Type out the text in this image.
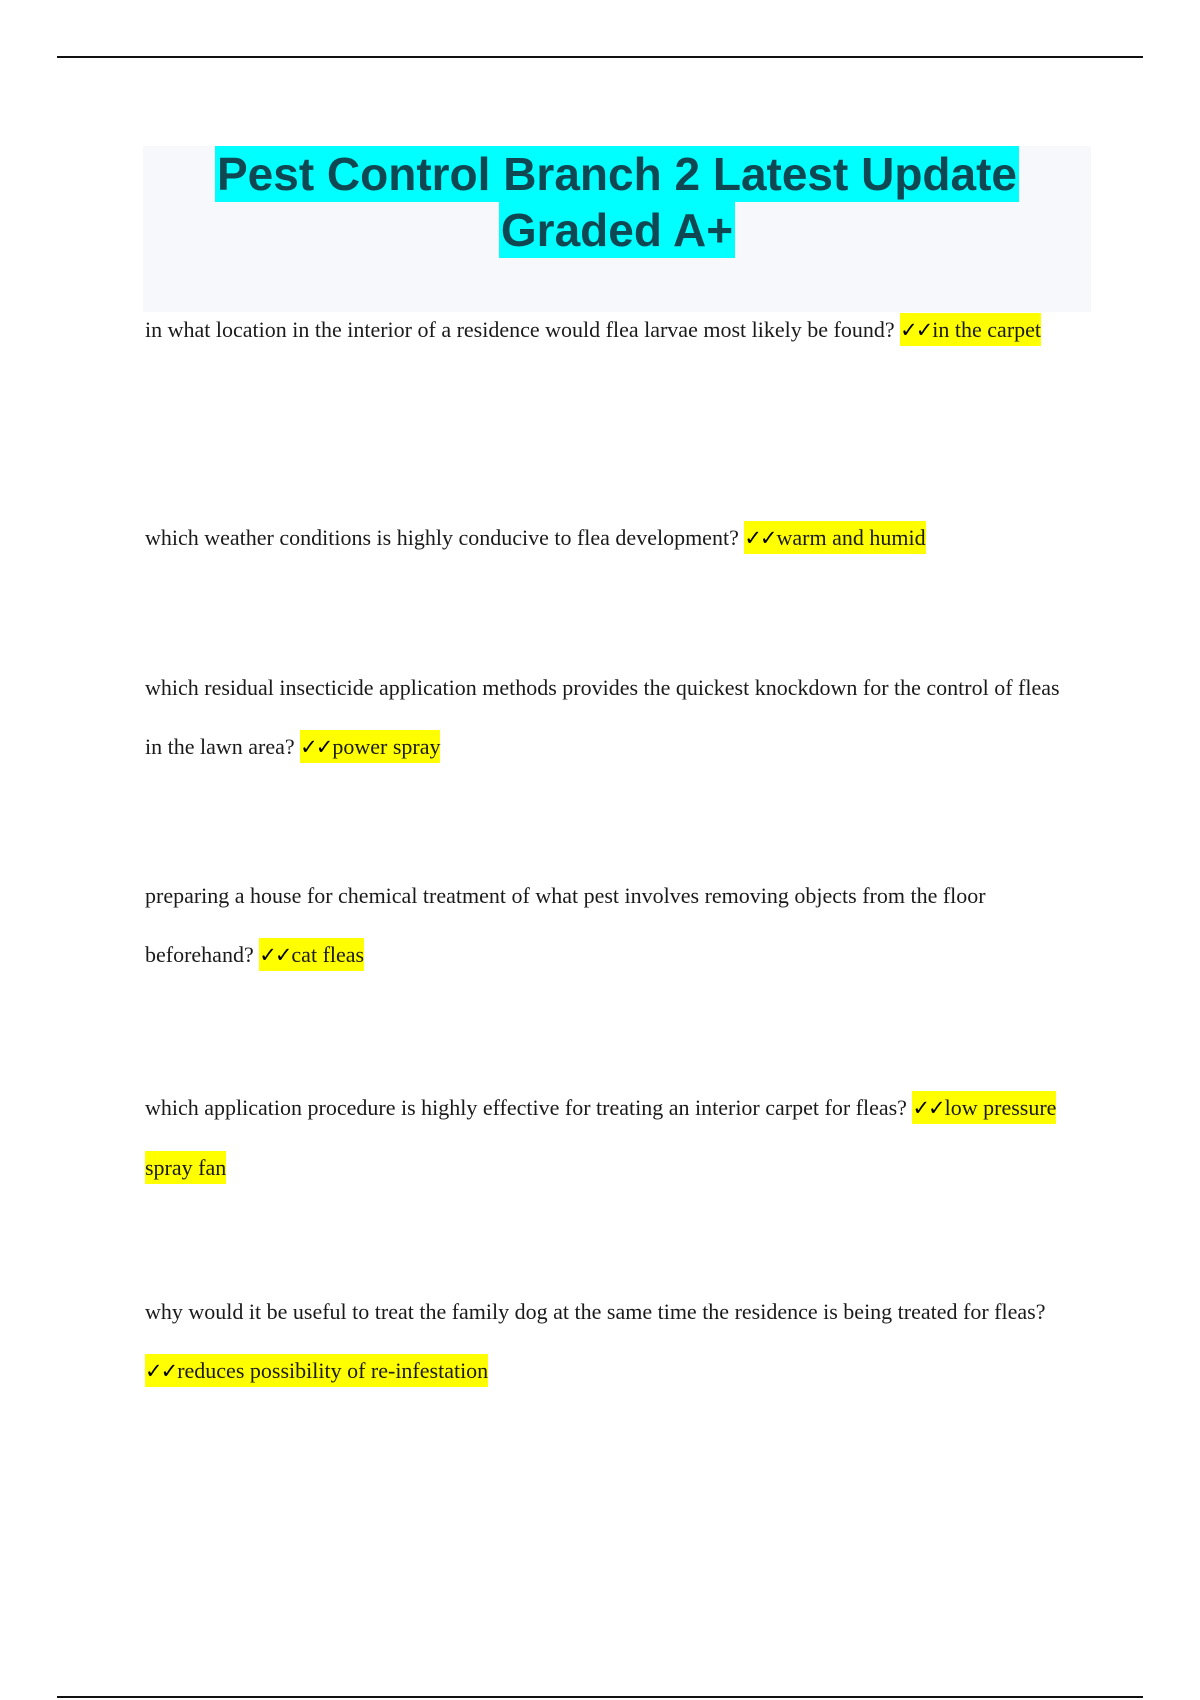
Pest Control Branch 2 Latest Update
Graded A+

in what location in the interior of a residence would flea larvae most likely be found? ✓✓in the carpet

which weather conditions is highly conducive to flea development? ✓✓warm and humid

which residual insecticide application methods provides the quickest knockdown for the control of fleas in the lawn area? ✓✓power spray

preparing a house for chemical treatment of what pest involves removing objects from the floor beforehand? ✓✓cat fleas

which application procedure is highly effective for treating an interior carpet for fleas? ✓✓low pressure spray fan

why would it be useful to treat the family dog at the same time the residence is being treated for fleas? ✓✓reduces possibility of re-infestation
